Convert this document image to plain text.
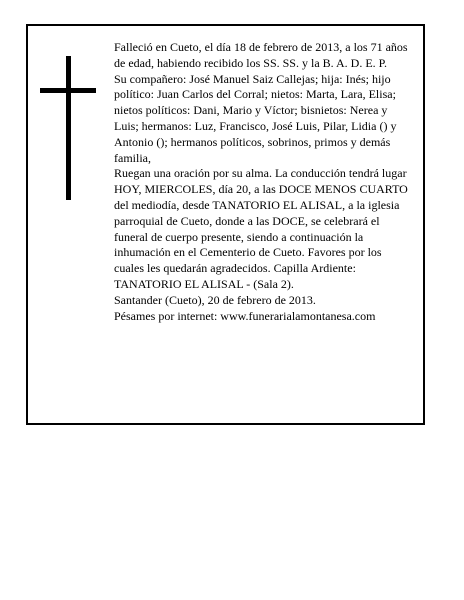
Falleció en Cueto, el día 18 de febrero de 2013, a los 71 años de edad, habiendo recibido los SS. SS. y la B. A. D. E. P.

Su compañero: José Manuel Saiz Callejas; hija: Inés; hijo político: Juan Carlos del Corral; nietos: Marta, Lara, Elisa; nietos políticos: Dani, Mario y Víctor; bisnietos: Nerea y Luis; hermanos: Luz, Francisco, José Luis, Pilar, Lidia () y Antonio (); hermanos políticos, sobrinos, primos y demás familia,

Ruegan una oración por su alma. La conducción tendrá lugar HOY, MIERCOLES, día 20, a las DOCE MENOS CUARTO del mediodía, desde TANATORIO EL ALISAL, a la iglesia parroquial de Cueto, donde a las DOCE, se celebrará el funeral de cuerpo presente, siendo a continuación la inhumación en el Cementerio de Cueto. Favores por los cuales les quedarán agradecidos. Capilla Ardiente: TANATORIO EL ALISAL - (Sala 2).

Santander (Cueto), 20 de febrero de 2013.

Pésames por internet: www.funerarialamontanesa.com
